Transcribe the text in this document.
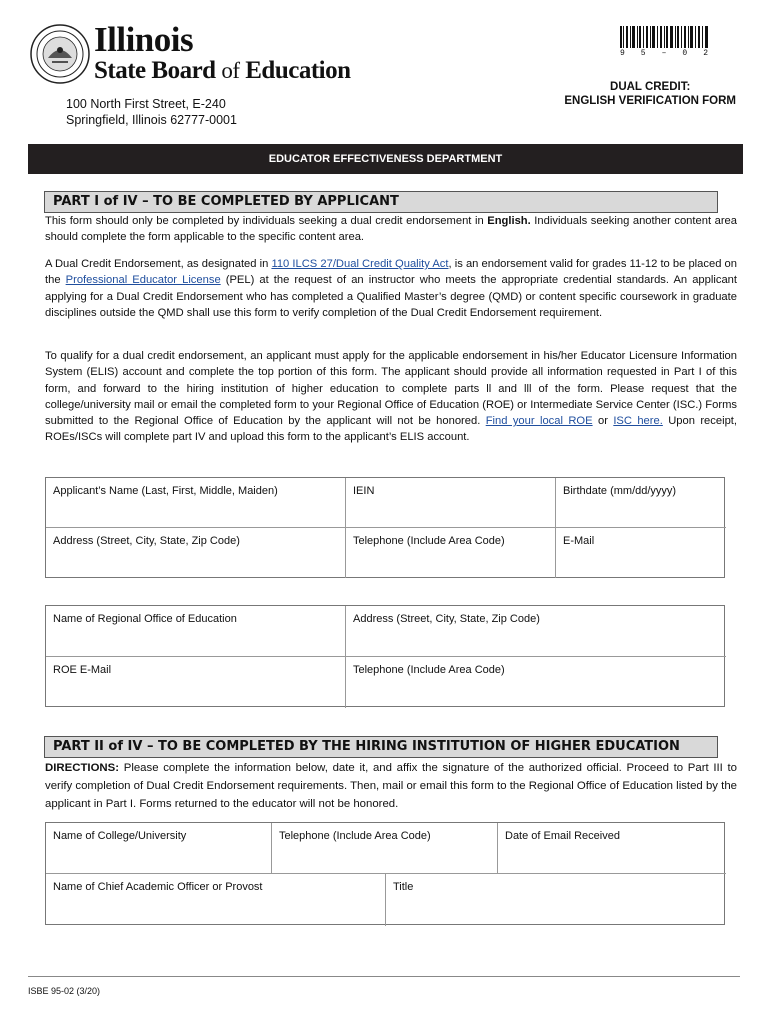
Illinois
State Board of Education
100 North First Street, E-240
Springfield, Illinois 62777-0001
9 5 – 0 2
DUAL CREDIT:
ENGLISH VERIFICATION FORM
EDUCATOR EFFECTIVENESS DEPARTMENT
PART I of IV – TO BE COMPLETED BY APPLICANT
This form should only be completed by individuals seeking a dual credit endorsement in English. Individuals seeking another content area should complete the form applicable to the specific content area.
A Dual Credit Endorsement, as designated in 110 ILCS 27/Dual Credit Quality Act, is an endorsement valid for grades 11-12 to be placed on the Professional Educator License (PEL) at the request of an instructor who meets the appropriate credential standards. An applicant applying for a Dual Credit Endorsement who has completed a Qualified Master’s degree (QMD) or content specific coursework in graduate disciplines outside the QMD shall use this form to verify completion of the Dual Credit Endorsement requirement.
To qualify for a dual credit endorsement, an applicant must apply for the applicable endorsement in his/her Educator Licensure Information System (ELIS) account and complete the top portion of this form. The applicant should provide all information requested in Part I of this form, and forward to the hiring institution of higher education to complete parts ll and lll of the form. Please request that the college/university mail or email the completed form to your Regional Office of Education (ROE) or Intermediate Service Center (ISC.) Forms submitted to the Regional Office of Education by the applicant will not be honored. Find your local ROE or ISC here. Upon receipt, ROEs/ISCs will complete part IV and upload this form to the applicant’s ELIS account.
Applicant’s Name (Last, First, Middle, Maiden)	IEIN	Birthdate (mm/dd/yyyy)
Address (Street, City, State, Zip Code)	Telephone (Include Area Code)	E-Mail
Name of Regional Office of Education	Address (Street, City, State, Zip Code)
ROE E-Mail	Telephone (Include Area Code)
PART II of IV – TO BE COMPLETED BY THE HIRING INSTITUTION OF HIGHER EDUCATION
DIRECTIONS: Please complete the information below, date it, and affix the signature of the authorized official. Proceed to Part III to verify completion of Dual Credit Endorsement requirements. Then, mail or email this form to the Regional Office of Education listed by the applicant in Part I. Forms returned to the educator will not be honored.
Name of College/University	Telephone (Include Area Code)	Date of Email Received
Name of Chief Academic Officer or Provost	Title
ISBE 95-02 (3/20)
